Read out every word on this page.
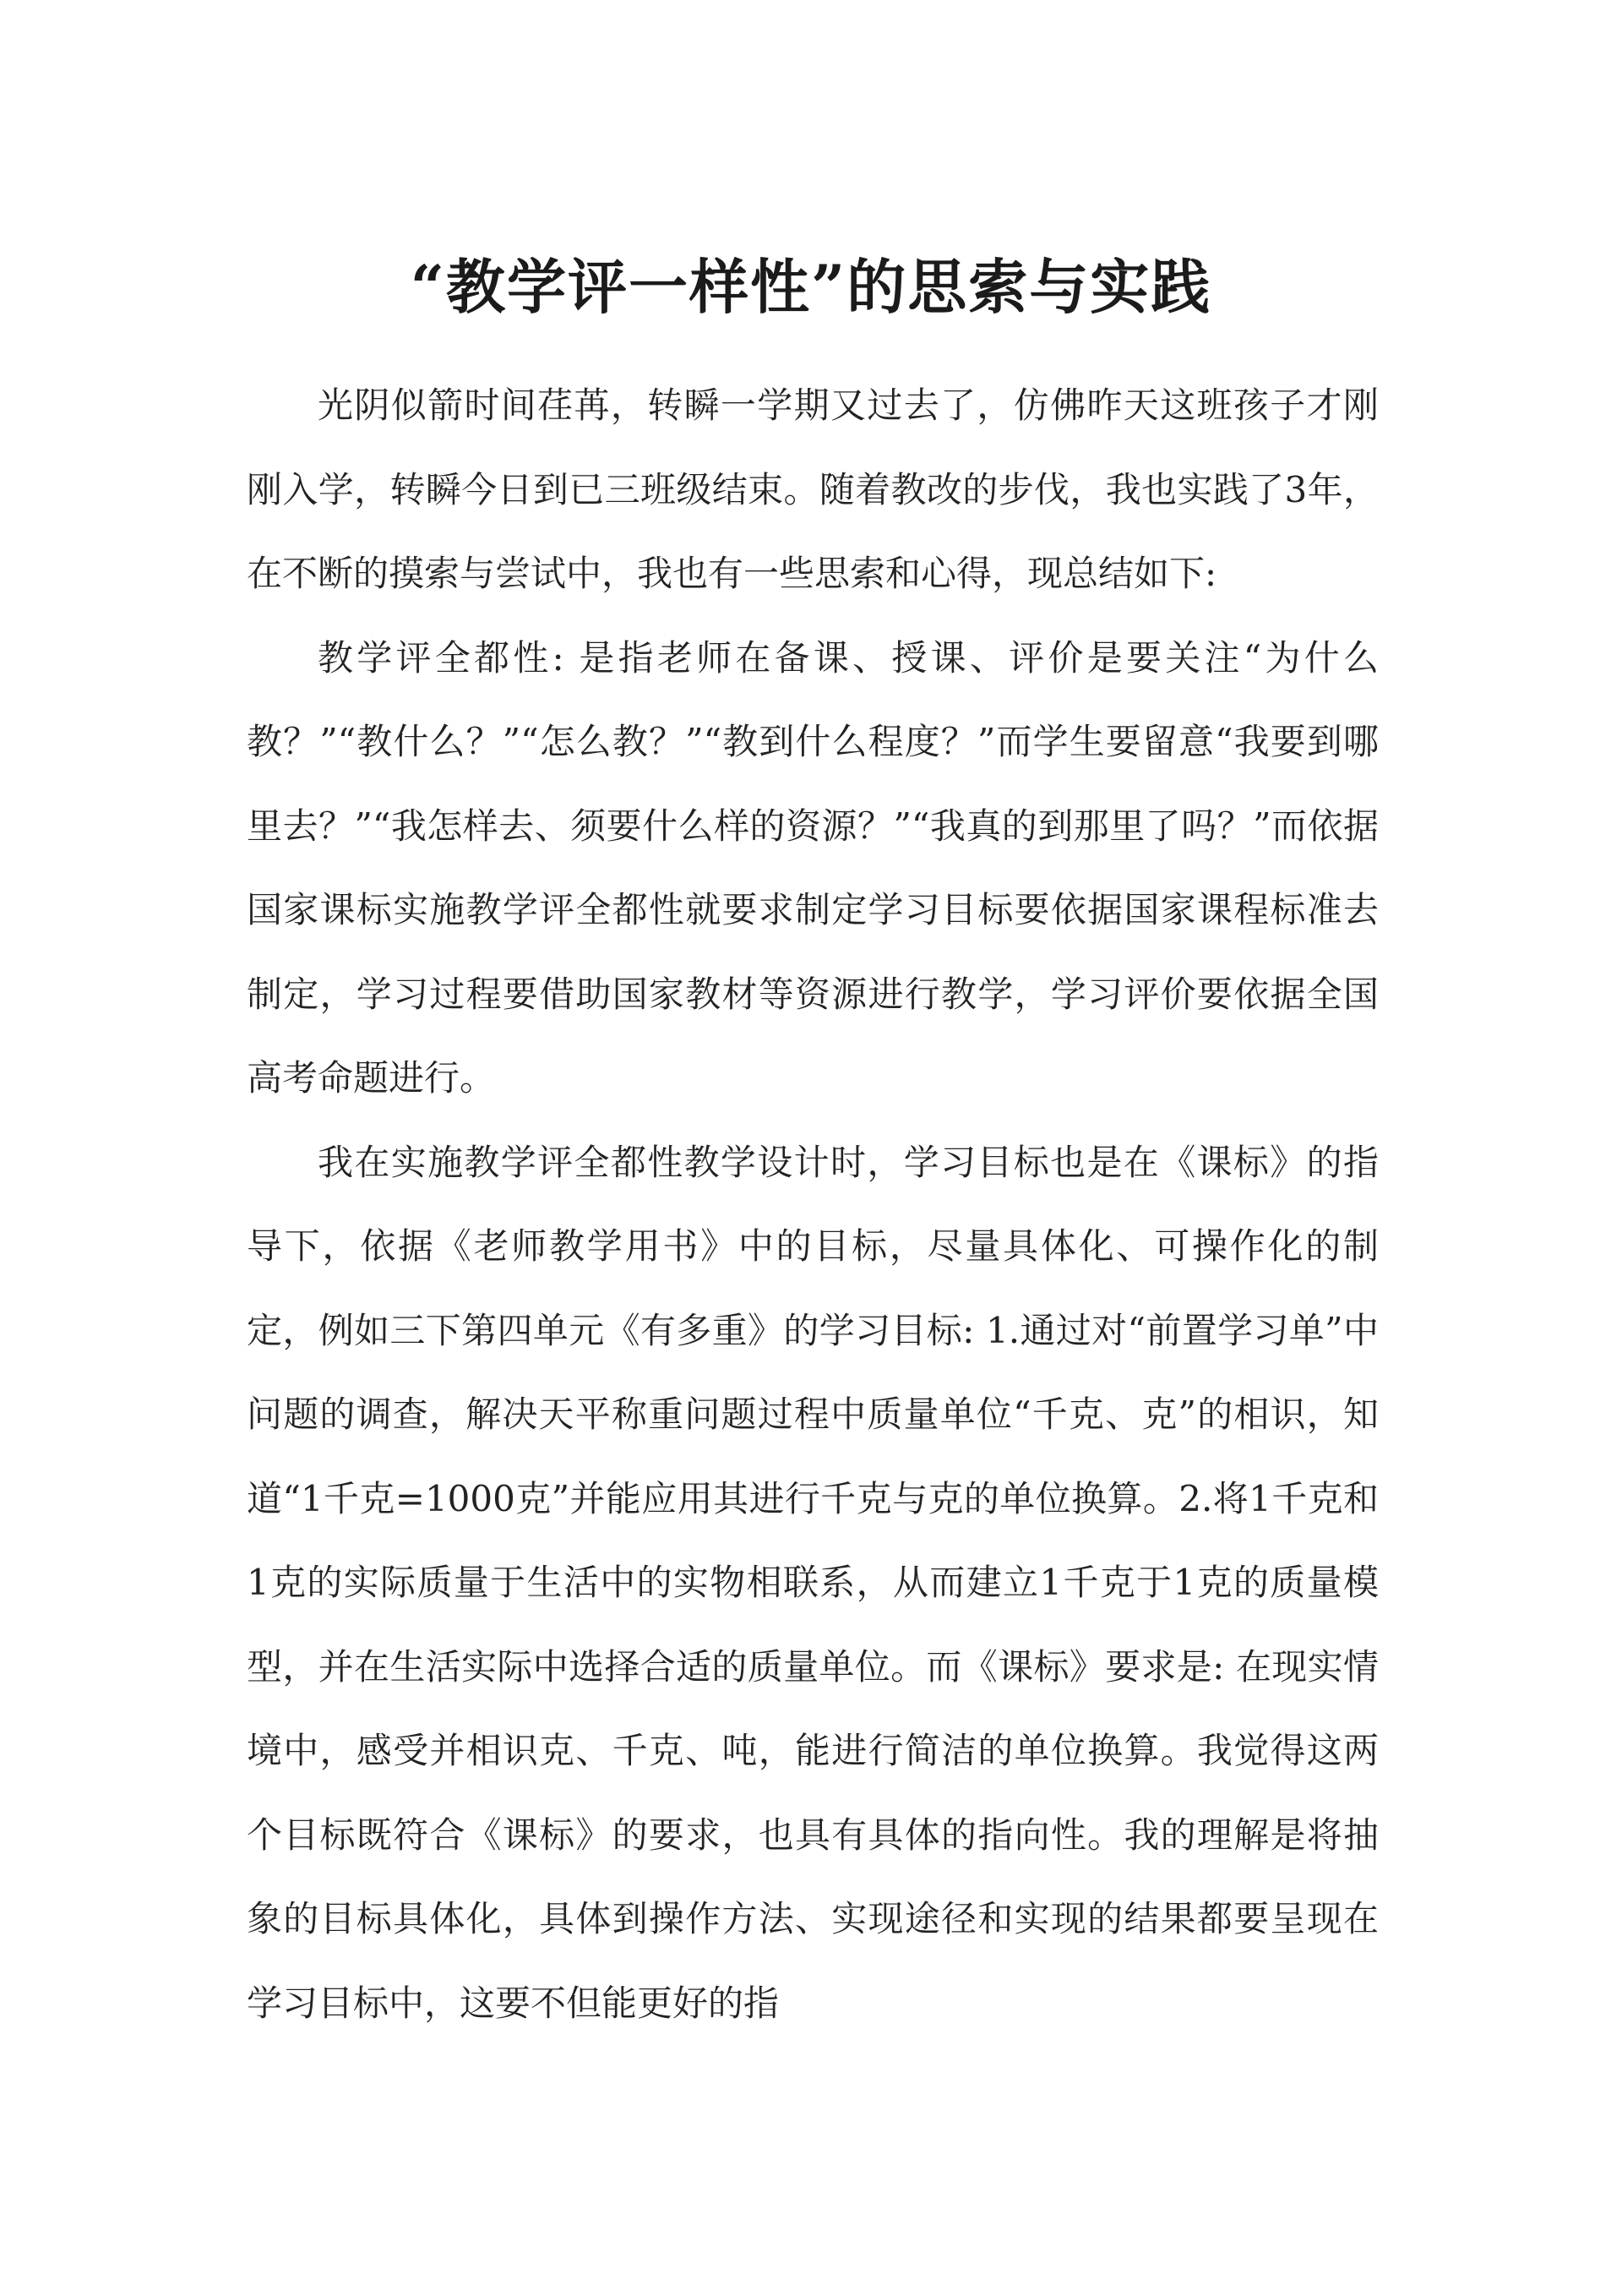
“教学评一样性”的思索与实践

光阴似箭时间荏苒，转瞬一学期又过去了，仿佛昨天这班孩子才刚刚入学，转瞬今日到已三班级结束。随着教改的步伐，我也实践了3年，在不断的摸索与尝试中，我也有一些思索和心得，现总结如下:

教学评全都性: 是指老师在备课、授课、评价是要关注“为什么教？”“教什么？”“怎么教？”“教到什么程度？”而学生要留意“我要到哪里去？”“我怎样去、须要什么样的资源？”“我真的到那里了吗？”而依据国家课标实施教学评全都性就要求制定学习目标要依据国家课程标准去制定，学习过程要借助国家教材等资源进行教学，学习评价要依据全国高考命题进行。

我在实施教学评全都性教学设计时，学习目标也是在《课标》的指导下，依据《老师教学用书》中的目标，尽量具体化、可操作化的制定，例如三下第四单元《有多重》的学习目标: 1.通过对“前置学习单”中问题的调查，解决天平称重问题过程中质量单位“千克、克”的相识，知道“1千克=1000克”并能应用其进行千克与克的单位换算。2.将1千克和1克的实际质量于生活中的实物相联系，从而建立1千克于1克的质量模型，并在生活实际中选择合适的质量单位。而《课标》要求是: 在现实情境中，感受并相识克、千克、吨，能进行简洁的单位换算。我觉得这两个目标既符合《课标》的要求，也具有具体的指向性。我的理解是将抽象的目标具体化，具体到操作方法、实现途径和实现的结果都要呈现在学习目标中，这要不但能更好的指
